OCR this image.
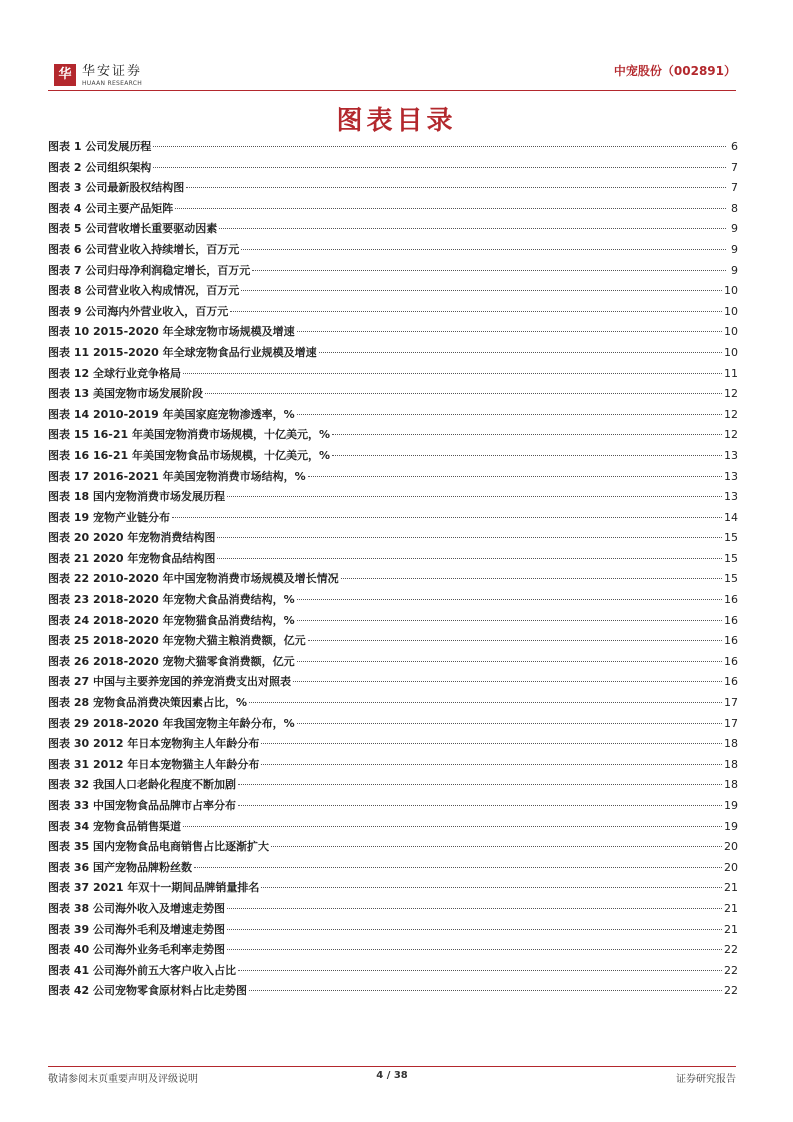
华 华安证券
HUAAN RESEARCH
中宠股份（002891）
图表目录
图表 1 公司发展历程	6
图表 2 公司组织架构	7
图表 3 公司最新股权结构图	7
图表 4 公司主要产品矩阵	8
图表 5 公司营收增长重要驱动因素	9
图表 6 公司营业收入持续增长，百万元	9
图表 7 公司归母净利润稳定增长，百万元	9
图表 8 公司营业收入构成情况，百万元	10
图表 9 公司海内外营业收入，百万元	10
图表 10 2015-2020 年全球宠物市场规模及增速	10
图表 11 2015-2020 年全球宠物食品行业规模及增速	10
图表 12 全球行业竞争格局	11
图表 13 美国宠物市场发展阶段	12
图表 14 2010-2019 年美国家庭宠物渗透率，%	12
图表 15 16-21 年美国宠物消费市场规模，十亿美元，%	12
图表 16 16-21 年美国宠物食品市场规模，十亿美元，%	13
图表 17 2016-2021 年美国宠物消费市场结构，%	13
图表 18 国内宠物消费市场发展历程	13
图表 19 宠物产业链分布	14
图表 20 2020 年宠物消费结构图	15
图表 21 2020 年宠物食品结构图	15
图表 22 2010-2020 年中国宠物消费市场规模及增长情况	15
图表 23 2018-2020 年宠物犬食品消费结构，%	16
图表 24 2018-2020 年宠物猫食品消费结构，%	16
图表 25 2018-2020 年宠物犬猫主粮消费额，亿元	16
图表 26 2018-2020 宠物犬猫零食消费额，亿元	16
图表 27 中国与主要养宠国的养宠消费支出对照表	16
图表 28 宠物食品消费决策因素占比，%	17
图表 29 2018-2020 年我国宠物主年龄分布，%	17
图表 30 2012 年日本宠物狗主人年龄分布	18
图表 31 2012 年日本宠物猫主人年龄分布	18
图表 32 我国人口老龄化程度不断加剧	18
图表 33 中国宠物食品品牌市占率分布	19
图表 34 宠物食品销售渠道	19
图表 35 国内宠物食品电商销售占比逐渐扩大	20
图表 36 国产宠物品牌粉丝数	20
图表 37 2021 年双十一期间品牌销量排名	21
图表 38 公司海外收入及增速走势图	21
图表 39 公司海外毛利及增速走势图	21
图表 40 公司海外业务毛利率走势图	22
图表 41 公司海外前五大客户收入占比	22
图表 42 公司宠物零食原材料占比走势图	22
敬请参阅末页重要声明及评级说明	4 / 38	证券研究报告
